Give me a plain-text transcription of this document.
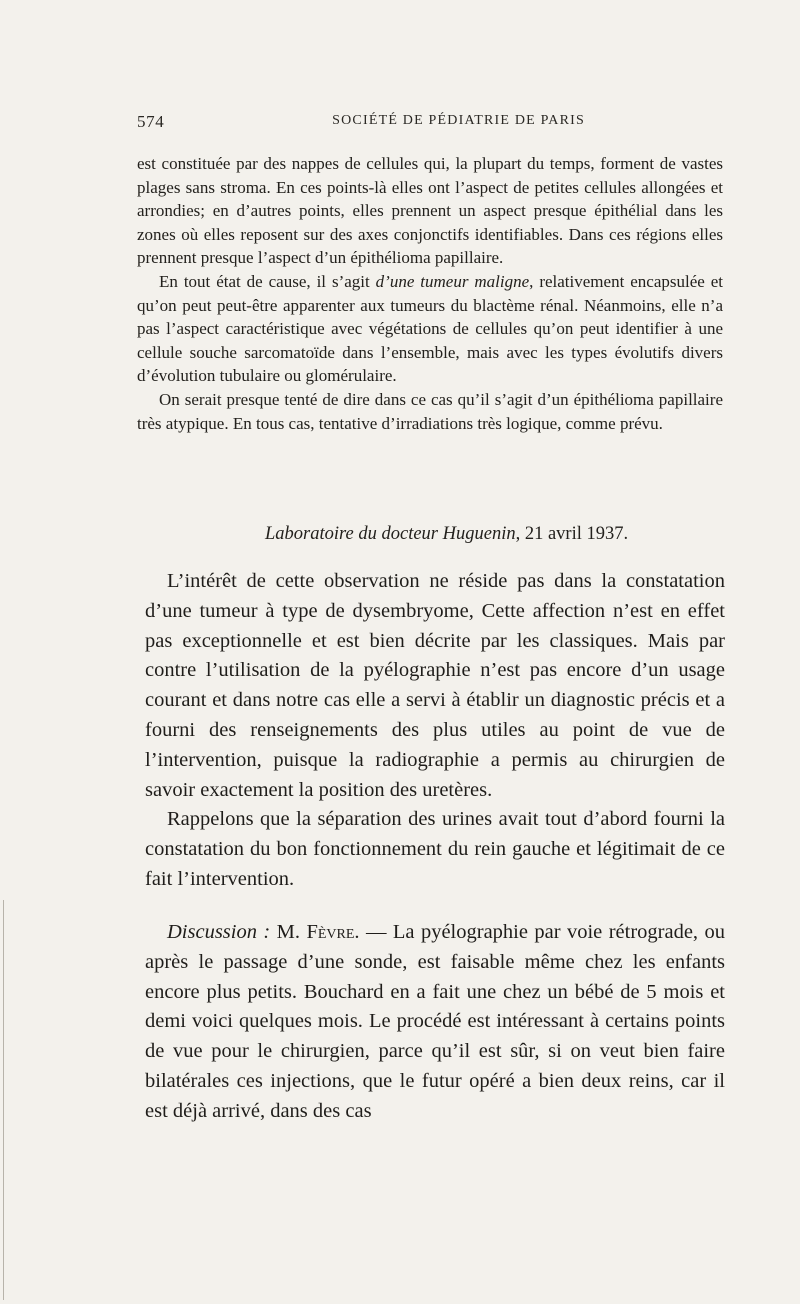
574	SOCIÉTÉ DE PÉDIATRIE DE PARIS

est constituée par des nappes de cellules qui, la plupart du temps, forment de vastes plages sans stroma. En ces points-là elles ont l’aspect de petites cellules allongées et arrondies; en d’autres points, elles prennent un aspect presque épithélial dans les zones où elles reposent sur des axes conjonctifs identifiables. Dans ces régions elles prennent presque l’aspect d’un épithélioma papillaire.

En tout état de cause, il s’agit d’une tumeur maligne, relativement encapsulée et qu’on peut peut-être apparenter aux tumeurs du blactème rénal. Néanmoins, elle n’a pas l’aspect caractéristique avec végétations de cellules qu’on peut identifier à une cellule souche sarcomatoïde dans l’ensemble, mais avec les types évolutifs divers d’évolution tubulaire ou glomérulaire.

On serait presque tenté de dire dans ce cas qu’il s’agit d’un épithélioma papillaire très atypique. En tous cas, tentative d’irradiations très logique, comme prévu.

Laboratoire du docteur Huguenin, 21 avril 1937.

L’intérêt de cette observation ne réside pas dans la constatation d’une tumeur à type de dysembryome, Cette affection n’est en effet pas exceptionnelle et est bien décrite par les classiques. Mais par contre l’utilisation de la pyélographie n’est pas encore d’un usage courant et dans notre cas elle a servi à établir un diagnostic précis et a fourni des renseignements des plus utiles au point de vue de l’intervention, puisque la radiographie a permis au chirurgien de savoir exactement la position des uretères.

Rappelons que la séparation des urines avait tout d’abord fourni la constatation du bon fonctionnement du rein gauche et légitimait de ce fait l’intervention.

Discussion : M. Fèvre. — La pyélographie par voie rétrograde, ou après le passage d’une sonde, est faisable même chez les enfants encore plus petits. Bouchard en a fait une chez un bébé de 5 mois et demi voici quelques mois. Le procédé est intéressant à certains points de vue pour le chirurgien, parce qu’il est sûr, si on veut bien faire bilatérales ces injections, que le futur opéré a bien deux reins, car il est déjà arrivé, dans des cas
